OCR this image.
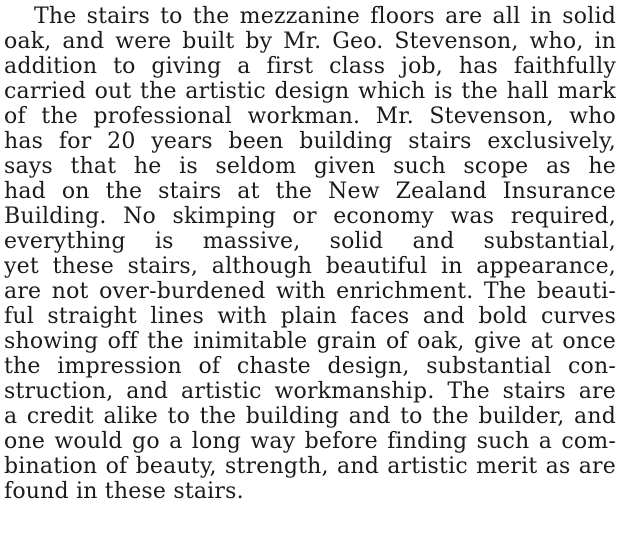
The stairs to the mezzanine floors are all in solid
oak, and were built by Mr. Geo. Stevenson, who, in
addition to giving a first class job, has faithfully
carried out the artistic design which is the hall mark
of the professional workman. Mr. Stevenson, who
has for 20 years been building stairs exclusively,
says that he is seldom given such scope as he
had on the stairs at the New Zealand Insurance
Building. No skimping or economy was required,
everything is massive, solid and substantial,
yet these stairs, although beautiful in appearance,
are not over-burdened with enrichment. The beauti-
ful straight lines with plain faces and bold curves
showing off the inimitable grain of oak, give at once
the impression of chaste design, substantial con-
struction, and artistic workmanship. The stairs are
a credit alike to the building and to the builder, and
one would go a long way before finding such a com-
bination of beauty, strength, and artistic merit as are
found in these stairs.
